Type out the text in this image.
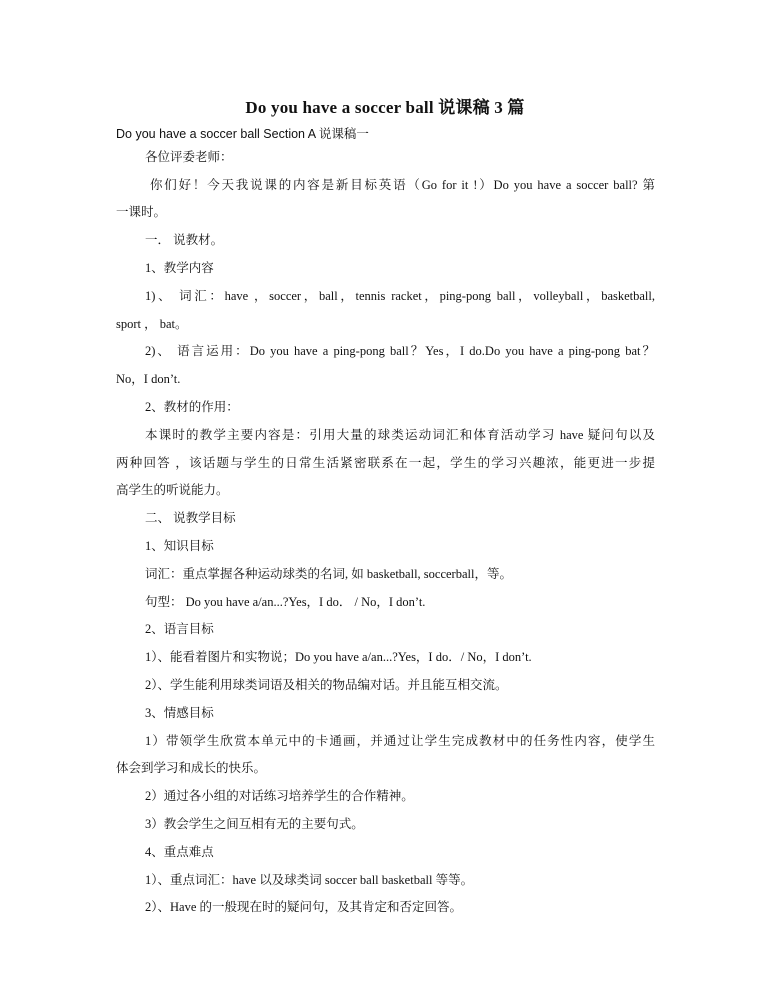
Do you have a soccer ball 说课稿 3 篇
Do you have a soccer ball Section A 说课稿一
各位评委老师：
你们好！今天我说课的内容是新目标英语（Go for it !）Do you have a soccer ball? 第
一课时。
一． 说教材。
1、教学内容
1)、 词汇：have ，soccer，ball，tennis racket，ping-pong ball，volleyball，basketball,
sport ， bat。
2)、 语言运用：Do you have a ping-pong ball？Yes，I do.Do you have a ping-pong bat？
No，I don’t.
2、教材的作用：
本课时的教学主要内容是：引用大量的球类运动词汇和体育活动学习 have 疑问句以及
两种回答 ，该话题与学生的日常生活紧密联系在一起，学生的学习兴趣浓，能更进一步提
高学生的听说能力。
二、 说教学目标
1、知识目标
词汇：重点掌握各种运动球类的名词, 如 basketball, soccerball，等。
句型： Do you have a/an...?Yes，I do． / No，I don’t.
2、语言目标
1）、能看着图片和实物说；Do you have a/an...?Yes，I do．/ No，I don’t.
2）、学生能利用球类词语及相关的物品编对话。并且能互相交流。
3、情感目标
1）带领学生欣赏本单元中的卡通画，并通过让学生完成教材中的任务性内容，使学生
体会到学习和成长的快乐。
2）通过各小组的对话练习培养学生的合作精神。
3）教会学生之间互相有无的主要句式。
4、重点难点
1）、重点词汇：have 以及球类词 soccer ball basketball 等等。
2）、Have 的一般现在时的疑问句，及其肯定和否定回答。
